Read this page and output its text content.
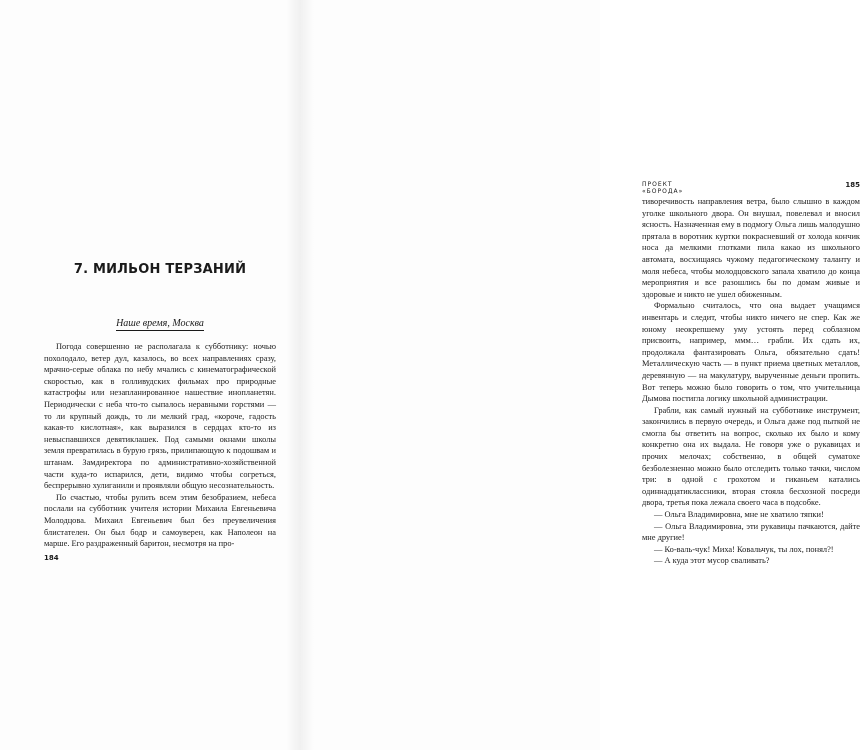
7. МИЛЬОН ТЕРЗАНИЙ
Наше время, Москва

Погода совершенно не располагала к субботнику: ночью похолодало, ветер дул, казалось, во всех направлениях сразу, мрачно-серые облака по небу мчались с кинематографической скоростью, как в голливудских фильмах про природные катастрофы или незапланированное нашествие инопланетян. Периодически с неба что-то сыпалось неравными горстями — то ли крупный дождь, то ли мелкий град, «короче, гадость какая-то кислотная», как выразился в сердцах кто-то из невыспавшихся девятиклашек. Под самыми окнами школы земля превратилась в бурую грязь, прилипающую к подошвам и штанам. Замдиректора по административно-хозяйственной части куда-то испарился, дети, видимо чтобы согреться, беспрерывно хулиганили и проявляли общую несознательность.

По счастью, чтобы рулить всем этим безобразием, небеса послали на субботник учителя истории Михаила Евгеньевича Молодцова. Михаил Евгеньевич был без преувеличения блистателен. Он был бодр и самоуверен, как Наполеон на марше. Его раздраженный баритон, несмотря на про-

184
ПРОЕКТ «БОРОДА»
185

тиворечивость направления ветра, было слышно в каждом уголке школьного двора. Он внушал, повелевал и вносил ясность. Назначенная ему в подмогу Ольга лишь малодушно прятала в воротник куртки покрасневший от холода кончик носа да мелкими глотками пила какао из школьного автомата, восхищаясь чужому педагогическому таланту и моля небеса, чтобы молодцовского запала хватило до конца мероприятия и все разошлись бы по домам живые и здоровые и никто не ушел обиженным.

Формально считалось, что она выдает учащимся инвентарь и следит, чтобы никто ничего не спер. Как же юному неокрепшему уму устоять перед соблазном присвоить, например, ммм… грабли. Их сдать их, продолжала фантазировать Ольга, обязательно сдать! Металлическую часть — в пункт приема цветных металлов, деревянную — на макулатуру, вырученные деньги пропить. Вот теперь можно было говорить о том, что учительница Дымова постигла логику школьной администрации.

Грабли, как самый нужный на субботнике инструмент, закончились в первую очередь, и Ольга даже под пыткой не смогла бы ответить на вопрос, сколько их было и кому конкретно она их выдала. Не говоря уже о рукавицах и прочих мелочах; собственно, в общей суматохе безболезненно можно было отследить только тачки, числом три: в одной с грохотом и гиканьем катались одиннадцатиклассники, вторая стояла бесхозной посреди двора, третья пока лежала своего часа в подсобке.

— Ольга Владимировна, мне не хватило тяпки!

— Ольга Владимировна, эти рукавицы пачкаются, дайте мне другие!

— Ко-валь-чук! Миха! Ковальчук, ты лох, понял?!

— А куда этот мусор сваливать?
